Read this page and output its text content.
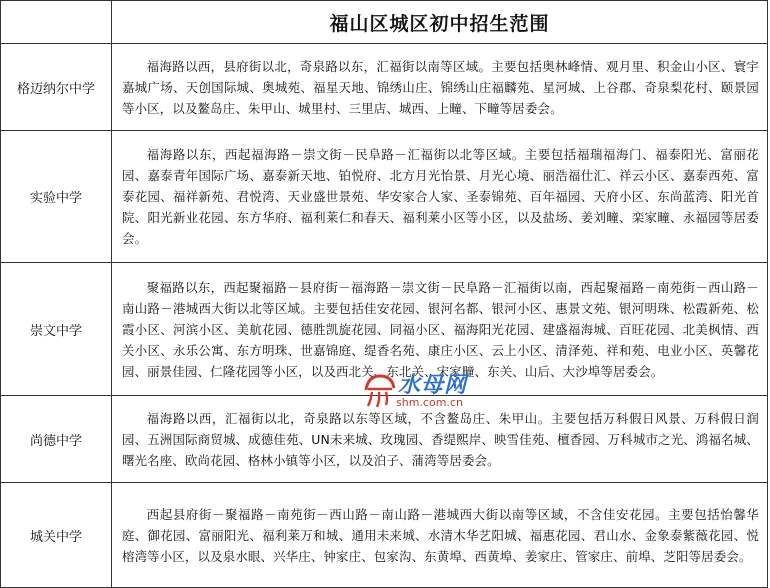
	福山区城区初中招生范围
格迈纳尔中学	福海路以西，县府街以北，奇泉路以东，汇福街以南等区域。主要包括奥林峰情、观月里、积金山小区、寰宇嘉城广场、天创国际城、奥城苑、福星天地、锦绣山庄、锦绣山庄福麟苑、星河城、上谷郡、奇泉梨花村、颐景园等小区，以及鳌岛庄、朱甲山、城里村、三里店、城西、上疃、下疃等居委会。

实验中学	福海路以东，西起福海路－崇文街－民阜路－汇福街以北等区域。主要包括福瑞福海门、福泰阳光、富丽花园、嘉泰青年国际广场、嘉泰新天地、铂悦府、北方月光怡景、月光心境、丽浩福仕汇、祥云小区、嘉泰西苑、富泰花园、福祥新苑、君悦湾、天业盛世景苑、华安家合人家、圣泰锦苑、百年福园、天府小区、东尚蓝湾、阳光首院、阳光新业花园、东方华府、福利莱仁和春天、福利莱小区等小区，以及盐场、姜刘疃、栾家疃、永福园等居委会。

崇文中学	聚福路以东，西起聚福路－县府街－福海路－崇文街－民阜路－汇福街以南，西起聚福路－南苑街－西山路－南山路－港城西大街以北等区域。主要包括佳安花园、银河名都、银河小区、惠景文苑、银河明珠、松霞新苑、松霞小区、河滨小区、美航花园、德胜凯旋花园、同福小区、福海阳光花园、建盛福海城、百旺花园、北美枫情、西关小区、永乐公寓、东方明珠、世嘉锦庭、缇香名苑、康庄小区、云上小区、清泽苑、祥和苑、电业小区、英馨花园、丽景佳园、仁隆花园等小区，以及西北关、东北关、宋家疃、东关、山后、大沙埠等居委会。

尚德中学	福海路以西，汇福街以北，奇泉路以东等区域，不含鳌岛庄、朱甲山。主要包括万科假日风景、万科假日润园、五洲国际商贸城、成德佳苑、UN未来城、玫瑰园、香缇熙岸、映雪佳苑、檀香园、万科城市之光、鸿福名城、曙光名座、欧尚花园、格林小镇等小区，以及泊子、蒲湾等居委会。

城关中学	西起县府街－聚福路－南苑街－西山路－南山路－港城西大街以南等区域，不含佳安花园。主要包括怡馨华庭、御花园、富丽阳光、福利莱万和城、通用未来城、水清木华艺阳城、福惠花园、君山水、金象泰紫薇花园、悦榕湾等小区，以及泉水眼、兴华庄、钟家庄、包家沟、东黄埠、西黄埠、姜家庄、管家庄、前埠、芝阳等居委会。
水母网
shm.com.cn
